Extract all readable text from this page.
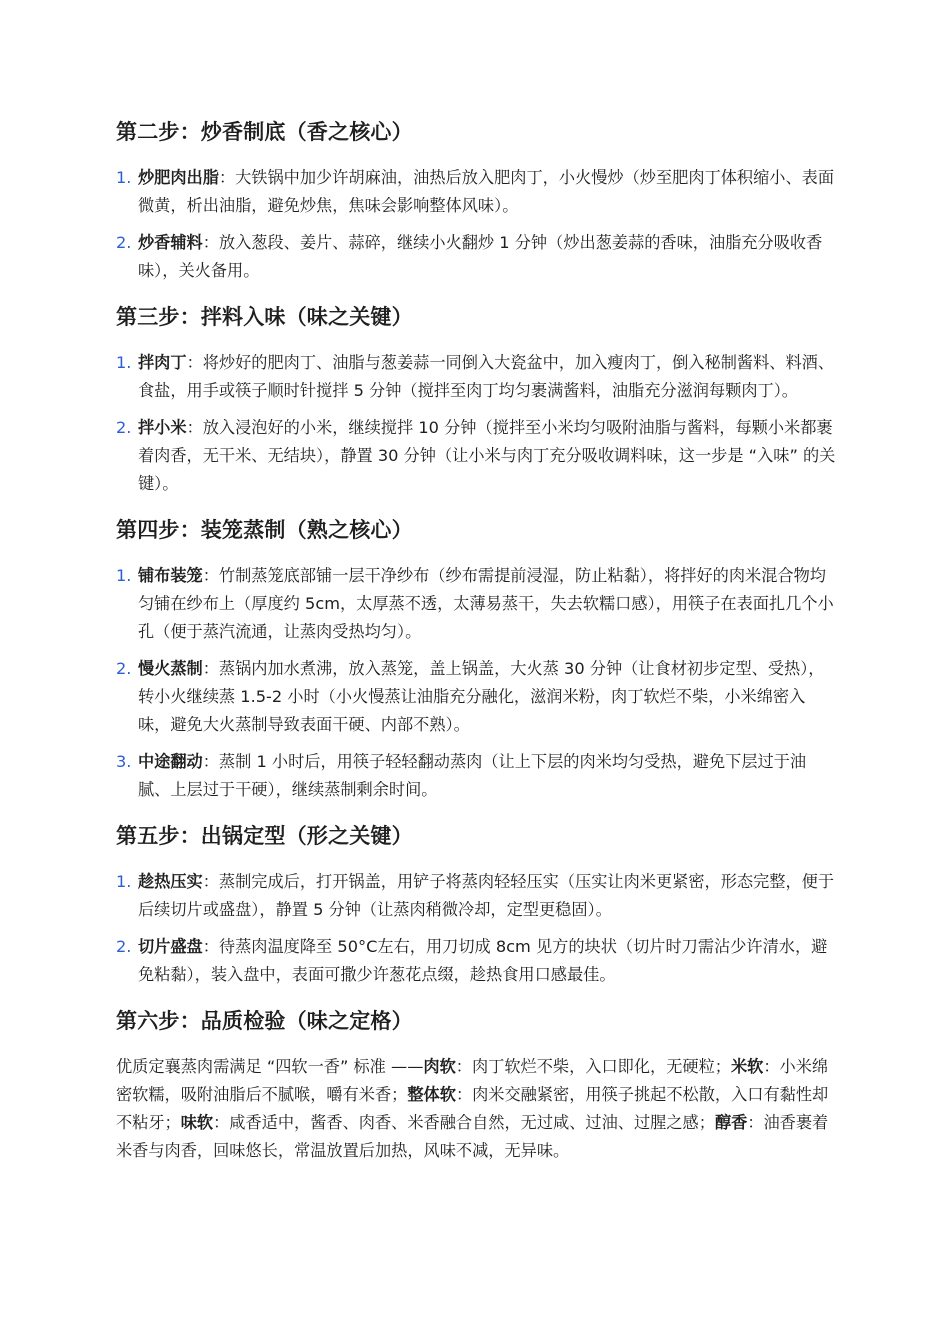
第二步：炒香制底（香之核心）
1. 炒肥肉出脂：大铁锅中加少许胡麻油，油热后放入肥肉丁，小火慢炒（炒至肥肉丁体积缩小、表面微黄，析出油脂，避免炒焦，焦味会影响整体风味）。
2. 炒香辅料：放入葱段、姜片、蒜碎，继续小火翻炒 1 分钟（炒出葱姜蒜的香味，油脂充分吸收香味），关火备用。
第三步：拌料入味（味之关键）
1. 拌肉丁：将炒好的肥肉丁、油脂与葱姜蒜一同倒入大瓷盆中，加入瘦肉丁，倒入秘制酱料、料酒、食盐，用手或筷子顺时针搅拌 5 分钟（搅拌至肉丁均匀裹满酱料，油脂充分滋润每颗肉丁）。
2. 拌小米：放入浸泡好的小米，继续搅拌 10 分钟（搅拌至小米均匀吸附油脂与酱料，每颗小米都裹着肉香，无干米、无结块），静置 30 分钟（让小米与肉丁充分吸收调料味，这一步是 “入味” 的关键）。
第四步：装笼蒸制（熟之核心）
1. 铺布装笼：竹制蒸笼底部铺一层干净纱布（纱布需提前浸湿，防止粘黏），将拌好的肉米混合物均匀铺在纱布上（厚度约 5cm，太厚蒸不透，太薄易蒸干，失去软糯口感），用筷子在表面扎几个小孔（便于蒸汽流通，让蒸肉受热均匀）。
2. 慢火蒸制：蒸锅内加水煮沸，放入蒸笼，盖上锅盖，大火蒸 30 分钟（让食材初步定型、受热），转小火继续蒸 1.5-2 小时（小火慢蒸让油脂充分融化，滋润米粉，肉丁软烂不柴，小米绵密入味，避免大火蒸制导致表面干硬、内部不熟）。
3. 中途翻动：蒸制 1 小时后，用筷子轻轻翻动蒸肉（让上下层的肉米均匀受热，避免下层过于油腻、上层过于干硬），继续蒸制剩余时间。
第五步：出锅定型（形之关键）
1. 趁热压实：蒸制完成后，打开锅盖，用铲子将蒸肉轻轻压实（压实让肉米更紧密，形态完整，便于后续切片或盛盘），静置 5 分钟（让蒸肉稍微冷却，定型更稳固）。
2. 切片盛盘：待蒸肉温度降至 50°C左右，用刀切成 8cm 见方的块状（切片时刀需沾少许清水，避免粘黏），装入盘中，表面可撒少许葱花点缀，趁热食用口感最佳。
第六步：品质检验（味之定格）

优质定襄蒸肉需满足 “四软一香” 标准 ——肉软：肉丁软烂不柴，入口即化，无硬粒；米软：小米绵密软糯，吸附油脂后不腻喉，嚼有米香；整体软：肉米交融紧密，用筷子挑起不松散，入口有黏性却不粘牙；味软：咸香适中，酱香、肉香、米香融合自然，无过咸、过油、过腥之感；醇香：油香裹着米香与肉香，回味悠长，常温放置后加热，风味不减，无异味。
